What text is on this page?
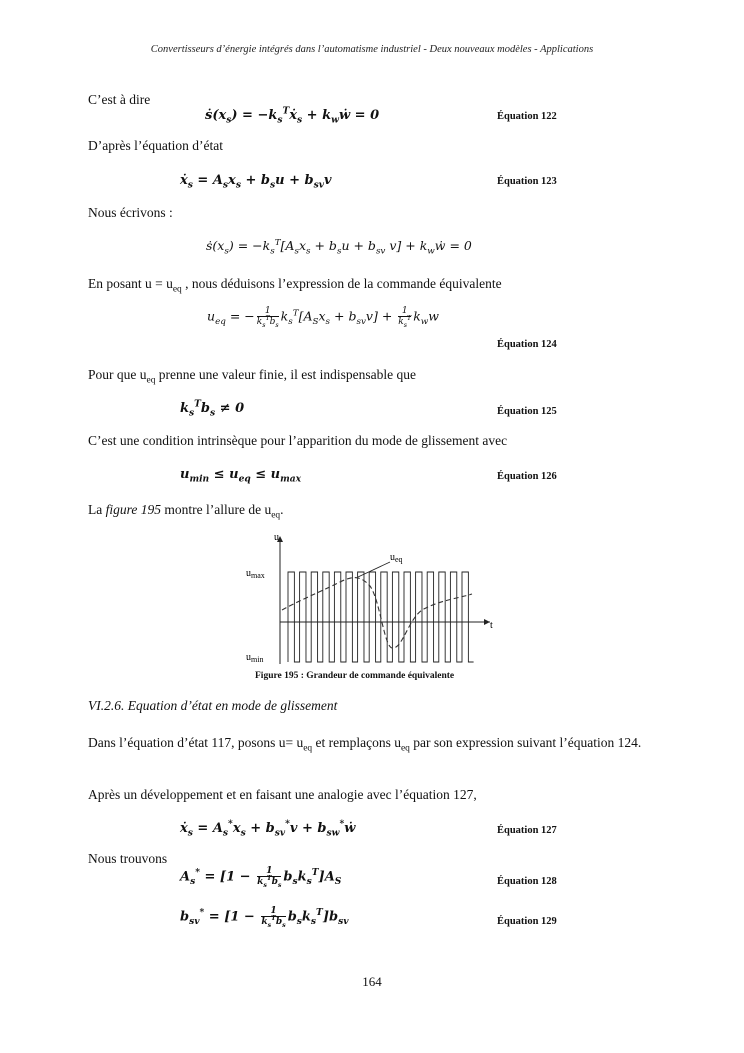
Convertisseurs d’énergie intégrés dans l’automatisme industriel - Deux nouveaux modèles - Applications
C’est à dire
$ṡ(x_s)$ = $-k_s^Tẋ_s$ + $k_wẇ = 0$	Équation 122
D’après l’équation d’état
ẋ$_s$ = $A_sx_s + b_su + b_{sv}v$	Équation 123
Nous écrivons :
$ṡ(x_s) = -k_s^T[A_sx_s + b_su + b_{sv}$ $v] + k_wẇ = 0$
En posant $u = u_{eq}$ , nous déduisons l’expression de la commande équivalente
$u_{eq}$ = − $\frac{1}{k_s^Tb_s} k_s^T[A_Sx_s + b_{sv}v] + \frac{1}{k_s^T} k_ww$
Équation 124
Pour que $u_{eq}$ prenne une valeur finie, il est indispensable que
$k_s^Tb_s \ne 0$	Équation 125
C’est une condition intrinsèque pour l’apparition du mode de glissement avec
$u_{min} \le u_{eq} \le u_{max}$	Équation 126
La figure 195 montre l’allure de $u_{eq}$.
u
$u_{max}$
$u_{min}$
$u_{eq}$
t
Figure 195 : Grandeur de commande équivalente
VI.2.6. Equation d’état en mode de glissement
Dans l’équation d’état 117, posons $u= u_{eq}$ et remplaçons $u_{eq}$ par son expression suivant l’équation 124.
Après un développement et en faisant une analogie avec l’équation 127,
ẋ$_s$ = $A_s^*x_s + b_{sv}^*v$ + $b_{sw}^*ẇ$	Équation 127
Nous trouvons
$A_s^* = [1 - \frac{1}{k_s^Tb_s} b_sk_s^T]A_S$	Équation 128
$b_{sv}^* = [1 - \frac{1}{k_s^Tb_s} b_sk_s^T]b_{sv}$	Équation 129
164
